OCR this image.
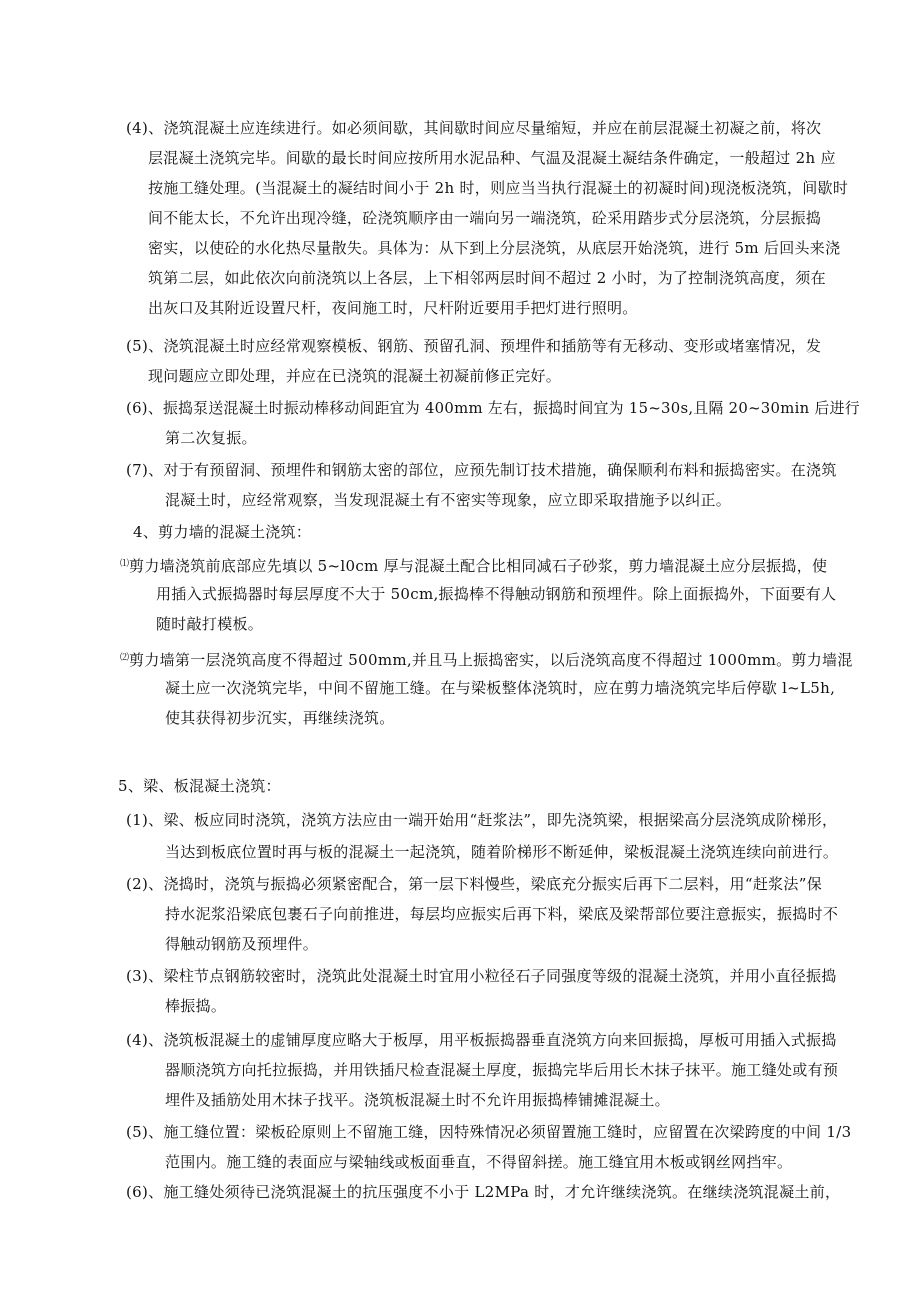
(4)、浇筑混凝土应连续进行。如必须间歇，其间歇时间应尽量缩短，并应在前层混凝土初凝之前，将次
层混凝土浇筑完毕。间歇的最长时间应按所用水泥品种、气温及混凝土凝结条件确定，一般超过 2h 应
按施工缝处理。(当混凝土的凝结时间小于 2h 时，则应当当执行混凝土的初凝时间)现浇板浇筑，间歇时
间不能太长，不允许出现冷缝，砼浇筑顺序由一端向另一端浇筑，砼采用踏步式分层浇筑，分层振捣
密实，以使砼的水化热尽量散失。具体为：从下到上分层浇筑，从底层开始浇筑，进行 5m 后回头来浇
筑第二层，如此依次向前浇筑以上各层，上下相邻两层时间不超过 2 小时，为了控制浇筑高度，须在
出灰口及其附近设置尺杆，夜间施工时，尺杆附近要用手把灯进行照明。
(5)、浇筑混凝土时应经常观察模板、钢筋、预留孔洞、预埋件和插筋等有无移动、变形或堵塞情况，发
现问题应立即处理，并应在已浇筑的混凝土初凝前修正完好。
(6)、振捣泵送混凝土时振动棒移动间距宜为 400mm 左右，振捣时间宜为 15~30s,且隔 20~30min 后进行
第二次复振。
(7)、对于有预留洞、预埋件和钢筋太密的部位，应预先制订技术措施，确保顺利布料和振捣密实。在浇筑
混凝土时，应经常观察，当发现混凝土有不密实等现象，应立即采取措施予以纠正。
4、剪力墙的混凝土浇筑：
⑴剪力墙浇筑前底部应先填以 5~l0cm 厚与混凝土配合比相同减石子砂浆，剪力墙混凝土应分层振捣，使
用插入式振捣器时每层厚度不大于 50cm,振捣棒不得触动钢筋和预埋件。除上面振捣外，下面要有人
随时敲打模板。
⑵剪力墙第一层浇筑高度不得超过 500mm,并且马上振捣密实，以后浇筑高度不得超过 1000mm。剪力墙混
凝土应一次浇筑完毕，中间不留施工缝。在与梁板整体浇筑时，应在剪力墙浇筑完毕后停歇 l~L5h,
使其获得初步沉实，再继续浇筑。
5、梁、板混凝土浇筑：
(1)、梁、板应同时浇筑，浇筑方法应由一端开始用“赶浆法”，即先浇筑梁，根据梁高分层浇筑成阶梯形，
当达到板底位置时再与板的混凝土一起浇筑，随着阶梯形不断延伸，梁板混凝土浇筑连续向前进行。
(2)、浇捣时，浇筑与振捣必须紧密配合，第一层下料慢些，梁底充分振实后再下二层料，用“赶浆法”保
持水泥浆沿梁底包裹石子向前推进，每层均应振实后再下料，梁底及梁帮部位要注意振实，振捣时不
得触动钢筋及预埋件。
(3)、梁柱节点钢筋较密时，浇筑此处混凝土时宜用小粒径石子同强度等级的混凝土浇筑，并用小直径振捣
棒振捣。
(4)、浇筑板混凝土的虚铺厚度应略大于板厚，用平板振捣器垂直浇筑方向来回振捣，厚板可用插入式振捣
器顺浇筑方向托拉振捣，并用铁插尺检查混凝土厚度，振捣完毕后用长木抹子抹平。施工缝处或有预
埋件及插筋处用木抹子找平。浇筑板混凝土时不允许用振捣棒铺摊混凝土。
(5)、施工缝位置：梁板砼原则上不留施工缝，因特殊情况必须留置施工缝时，应留置在次梁跨度的中间 1/3
范围内。施工缝的表面应与梁轴线或板面垂直，不得留斜搓。施工缝宜用木板或钢丝网挡牢。
(6)、施工缝处须待已浇筑混凝土的抗压强度不小于 L2MPa 时，才允许继续浇筑。在继续浇筑混凝土前，
